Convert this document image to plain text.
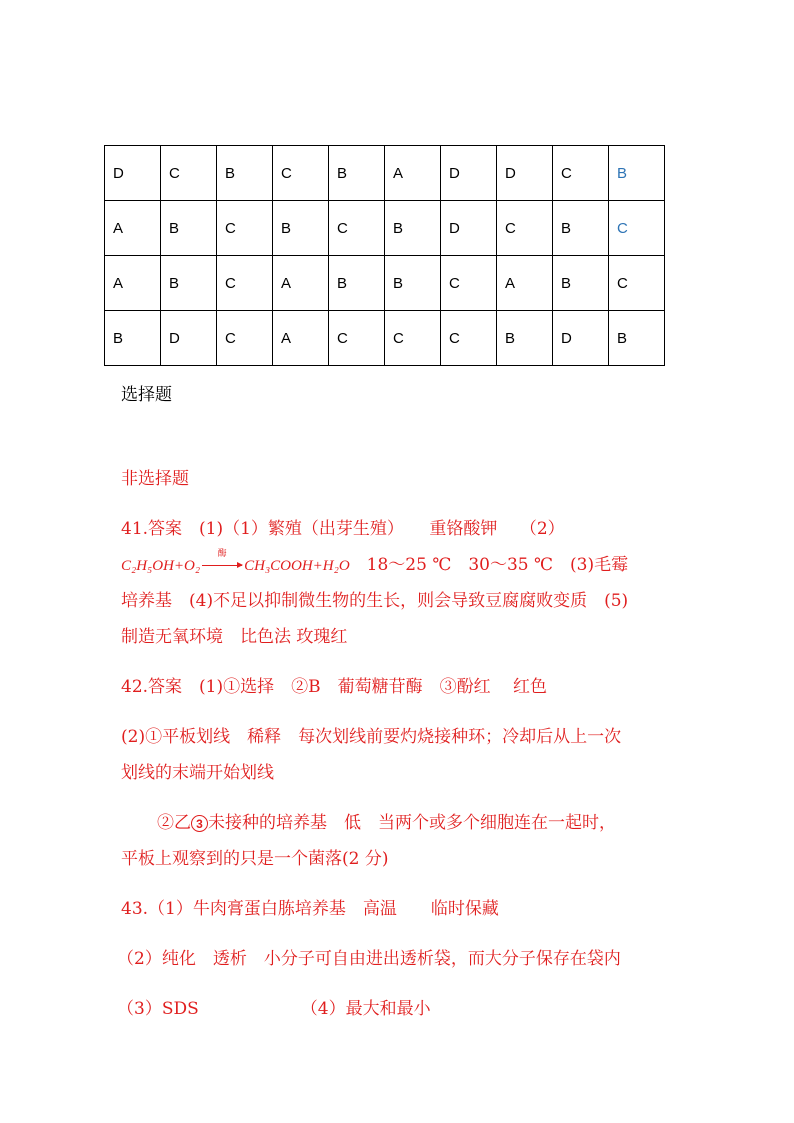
D	C	B	C	B	A	D	D	C	B
A	B	C	B	C	B	D	C	B	C
A	B	C	A	B	B	C	A	B	C
B	D	C	A	C	C	C	B	D	B
选择题
非选择题
41.答案　(1)（1）繁殖（出芽生殖）　　重铬酸钾　 （2）
C₂H₅OH+O₂
酶
CH₃COOH+H₂O　18～25 ℃　30～35 ℃　(3)毛霉
培养基　(4)不足以抑制微生物的生长，则会导致豆腐腐败变质　(5)
制造无氧环境　比色法 玫瑰红
42.答案　(1)①选择　②B　葡萄糖苷酶　③酚红　 红色
(2)①平板划线　稀释　每次划线前要灼烧接种环；冷却后从上一次
划线的末端开始划线
②乙 3 未接种的培养基　低　当两个或多个细胞连在一起时，
平板上观察到的只是一个菌落(2 分)
43.（1）牛肉膏蛋白胨培养基　高温　　临时保藏
（2）纯化　透析　小分子可自由进出透析袋，而大分子保存在袋内
（3）SDS	（4）最大和最小
